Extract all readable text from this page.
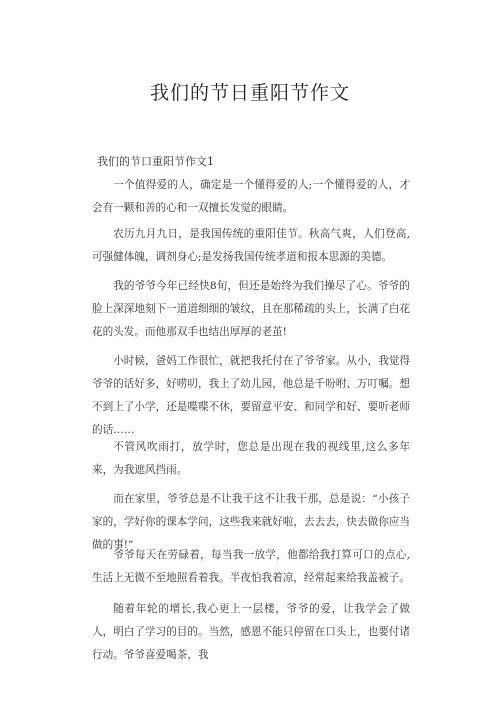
我们的节日重阳节作文
我们的节口重阳节作文1
一个值得爱的人，确定是一个懂得爱的人;一个懂得爱的人，才会有一颗和善的心和一双擅长发觉的眼睛。
农历九月九日，是我国传统的重阳佳节。秋高气爽，人们登高,可强健体魄，调剂身心;是发扬我国传统孝道和报本思源的美德。
我的爷爷今年已经快8旬，但还是始终为我们操尽了心。爷爷的脸上深深地刻下一道道细细的皱纹，且在那稀疏的头上，长满了白花花的头发。而他那双手也结出厚厚的老茧!
小时候，爸妈工作很忙，就把我托付在了爷爷家。从小，我觉得爷爷的话好多，好唠叨，我上了幼儿园，他总是千吩咐、万叮嘱。想不到上了小学，还是喋喋不休，要留意平安、和同学和好、要听老师的话……
不管风吹雨打，放学时，您总是出现在我的视线里,这么多年来，为我遮风挡雨。
而在家里，爷爷总是不让我干这不让我干那，总是说：“小孩子家的，学好你的课本学问，这些我来就好啦，去去去，快去做你应当做的事!”
爷爷每天在劳碌着，每当我一放学，他都给我打算可口的点心,生活上无微不至地照看着我。半夜怕我着凉，经常起来给我盖被子。
随着年轮的增长,我心更上一层楼，爷爷的爱，让我学会了做人，明白了学习的目的。当然，感恩不能只停留在口头上，也要付诸行动。爷爷喜爱喝茶，我
